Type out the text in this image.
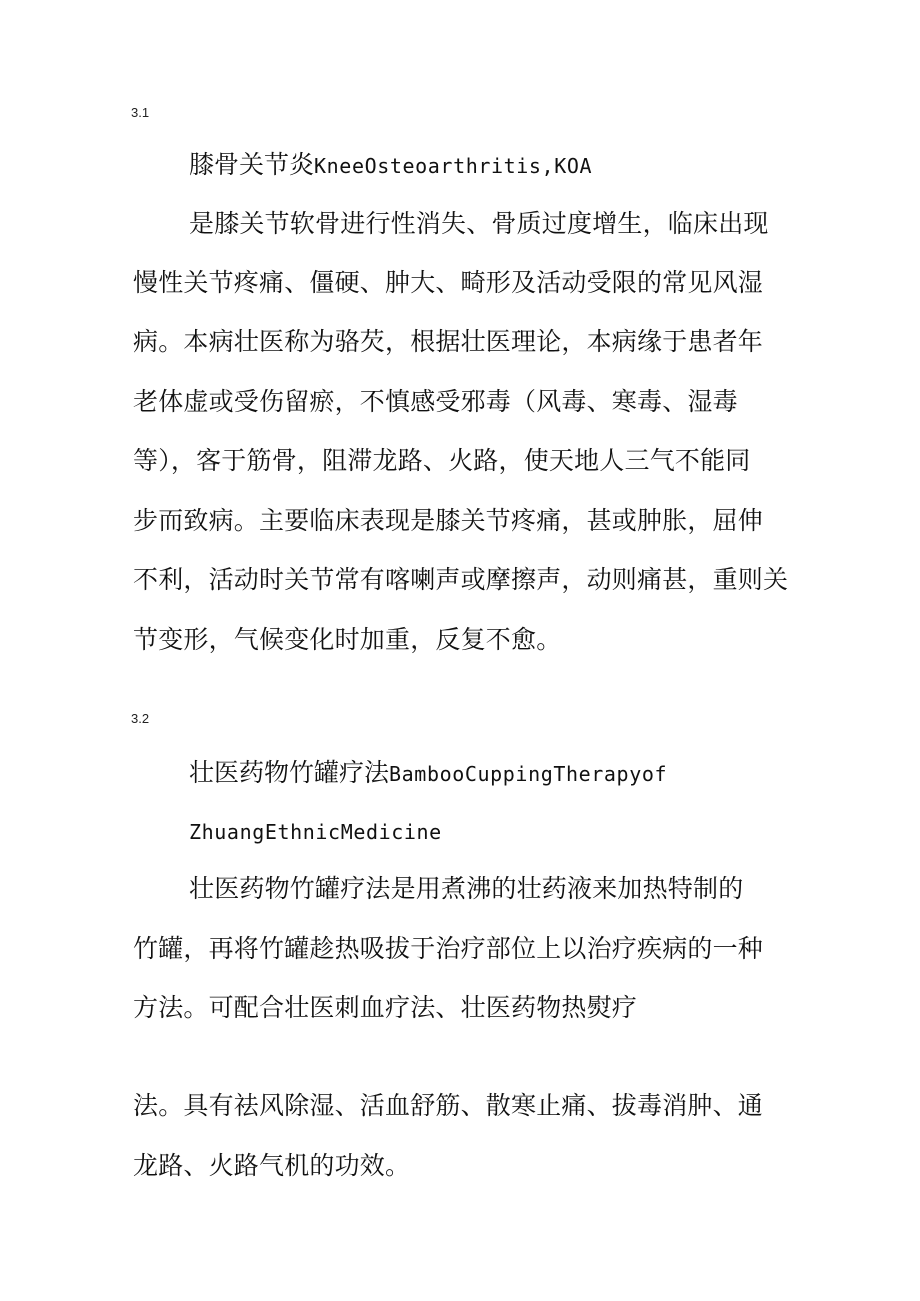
3.1
膝骨关节炎KneeOsteoarthritis,KOA
是膝关节软骨进行性消失、骨质过度增生，临床出现
慢性关节疼痛、僵硬、肿大、畸形及活动受限的常见风湿
病。本病壮医称为骆芡，根据壮医理论，本病缘于患者年
老体虚或受伤留瘀，不慎感受邪毒（风毒、寒毒、湿毒
等），客于筋骨，阻滞龙路、火路，使天地人三气不能同
步而致病。主要临床表现是膝关节疼痛，甚或肿胀，屈伸
不利，活动时关节常有喀喇声或摩擦声，动则痛甚，重则关
节变形，气候变化时加重，反复不愈。
3.2
壮医药物竹罐疗法BambooCuppingTherapyof
ZhuangEthnicMedicine
壮医药物竹罐疗法是用煮沸的壮药液来加热特制的
竹罐，再将竹罐趁热吸拔于治疗部位上以治疗疾病的一种
方法。可配合壮医刺血疗法、壮医药物热熨疗
法。具有祛风除湿、活血舒筋、散寒止痛、拔毒消肿、通
龙路、火路气机的功效。
